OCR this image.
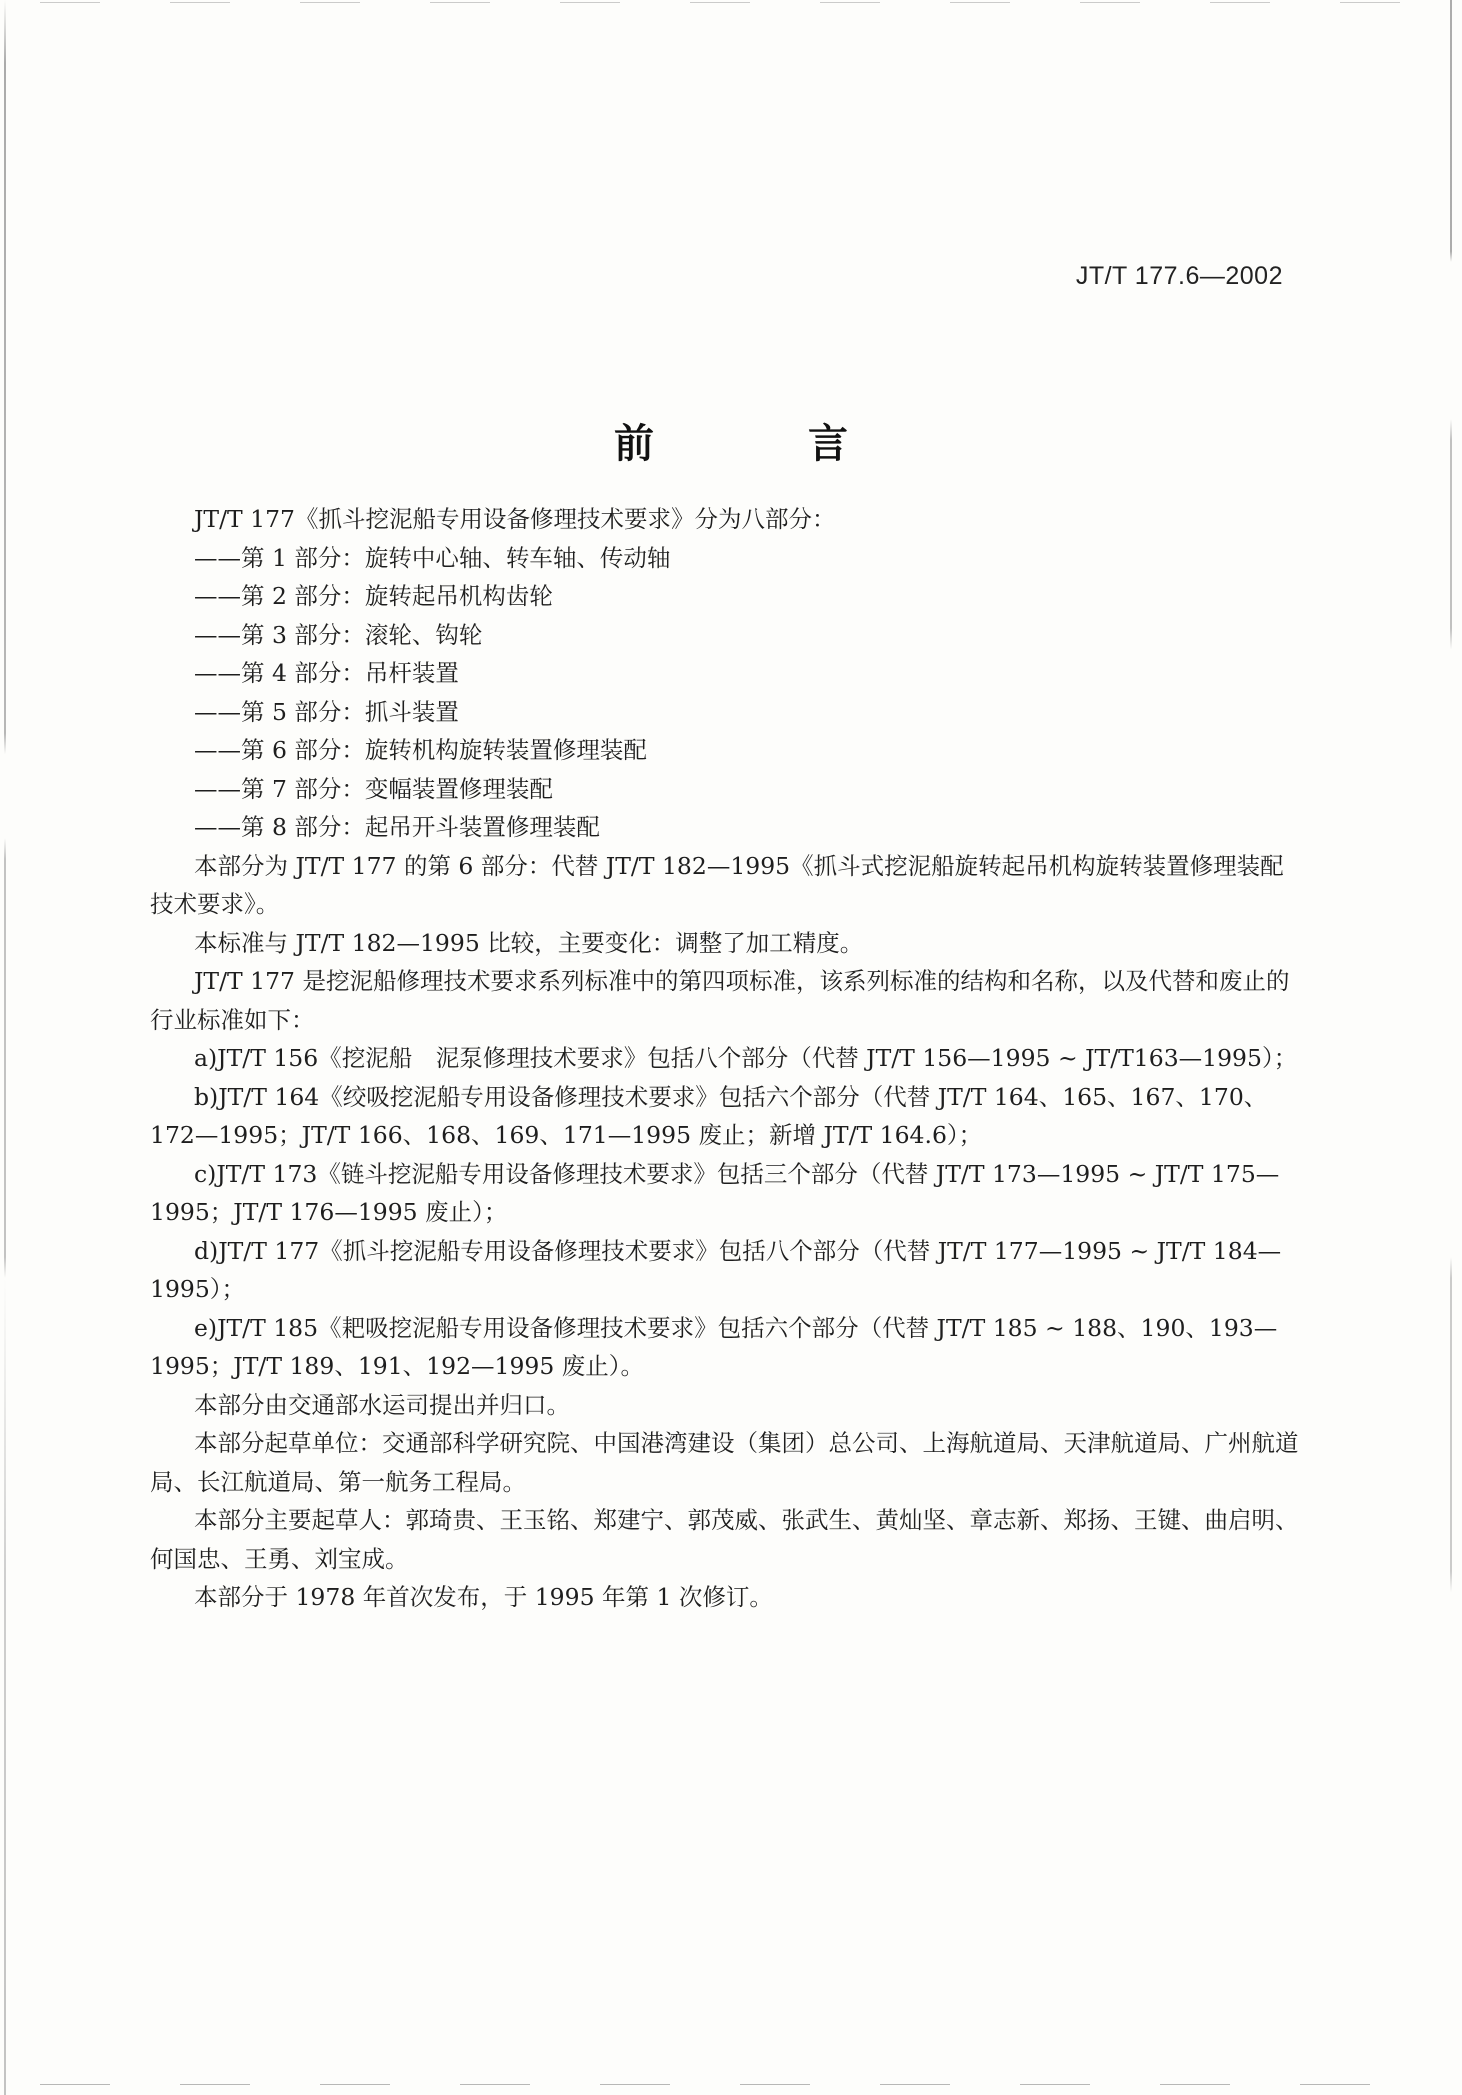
JT/T 177.6—2002
前 言

JT/T 177《抓斗挖泥船专用设备修理技术要求》分为八部分：

——第 1 部分：旋转中心轴、转车轴、传动轴

——第 2 部分：旋转起吊机构齿轮

——第 3 部分：滚轮、钩轮

——第 4 部分：吊杆装置

——第 5 部分：抓斗装置

——第 6 部分：旋转机构旋转装置修理装配

——第 7 部分：变幅装置修理装配

——第 8 部分：起吊开斗装置修理装配

本部分为 JT/T 177 的第 6 部分：代替 JT/T 182—1995《抓斗式挖泥船旋转起吊机构旋转装置修理装配技术要求》。

本标准与 JT/T 182—1995 比较，主要变化：调整了加工精度。

JT/T 177 是挖泥船修理技术要求系列标准中的第四项标准，该系列标准的结构和名称，以及代替和废止的行业标准如下：

a)JT/T 156《挖泥船　泥泵修理技术要求》包括八个部分（代替 JT/T 156—1995 ~ JT/T163—1995）；

b)JT/T 164《绞吸挖泥船专用设备修理技术要求》包括六个部分（代替 JT/T 164、165、167、170、172—1995；JT/T 166、168、169、171—1995 废止；新增 JT/T 164.6）；

c)JT/T 173《链斗挖泥船专用设备修理技术要求》包括三个部分（代替 JT/T 173—1995 ~ JT/T 175—1995；JT/T 176—1995 废止）；

d)JT/T 177《抓斗挖泥船专用设备修理技术要求》包括八个部分（代替 JT/T 177—1995 ~ JT/T 184—1995）；

e)JT/T 185《耙吸挖泥船专用设备修理技术要求》包括六个部分（代替 JT/T 185 ~ 188、190、193—1995；JT/T 189、191、192—1995 废止）。

本部分由交通部水运司提出并归口。

本部分起草单位：交通部科学研究院、中国港湾建设（集团）总公司、上海航道局、天津航道局、广州航道局、长江航道局、第一航务工程局。

本部分主要起草人：郭琦贵、王玉铭、郑建宁、郭茂威、张武生、黄灿坚、章志新、郑扬、王键、曲启明、何国忠、王勇、刘宝成。

本部分于 1978 年首次发布，于 1995 年第 1 次修订。
